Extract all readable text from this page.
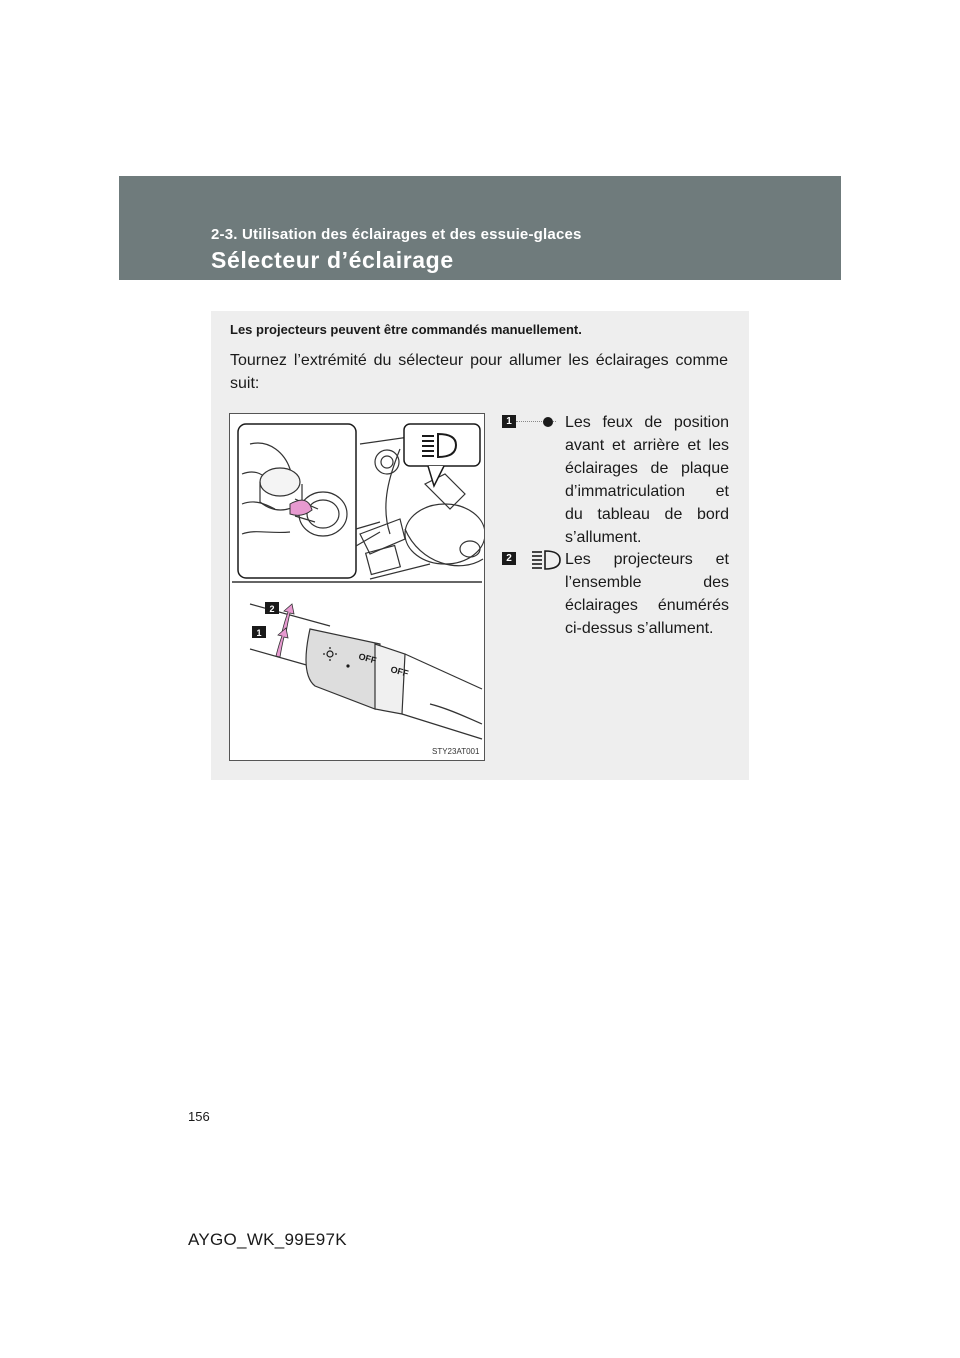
2-3. Utilisation des éclairages et des essuie-glaces
Sélecteur d’éclairage
Les projecteurs peuvent être commandés manuellement.
Tournez l’extrémité du sélecteur pour allumer les éclairages comme suit:
OFF
OFF
2
1
STY23AT001
1	Les feux de position
avant et arrière et les
éclairages de plaque
d’immatriculation et
du tableau de bord
s’allument.
2	Les projecteurs et
l’ensemble des
éclairages énumérés
ci-dessus s’allument.
156
AYGO_WK_99E97K
